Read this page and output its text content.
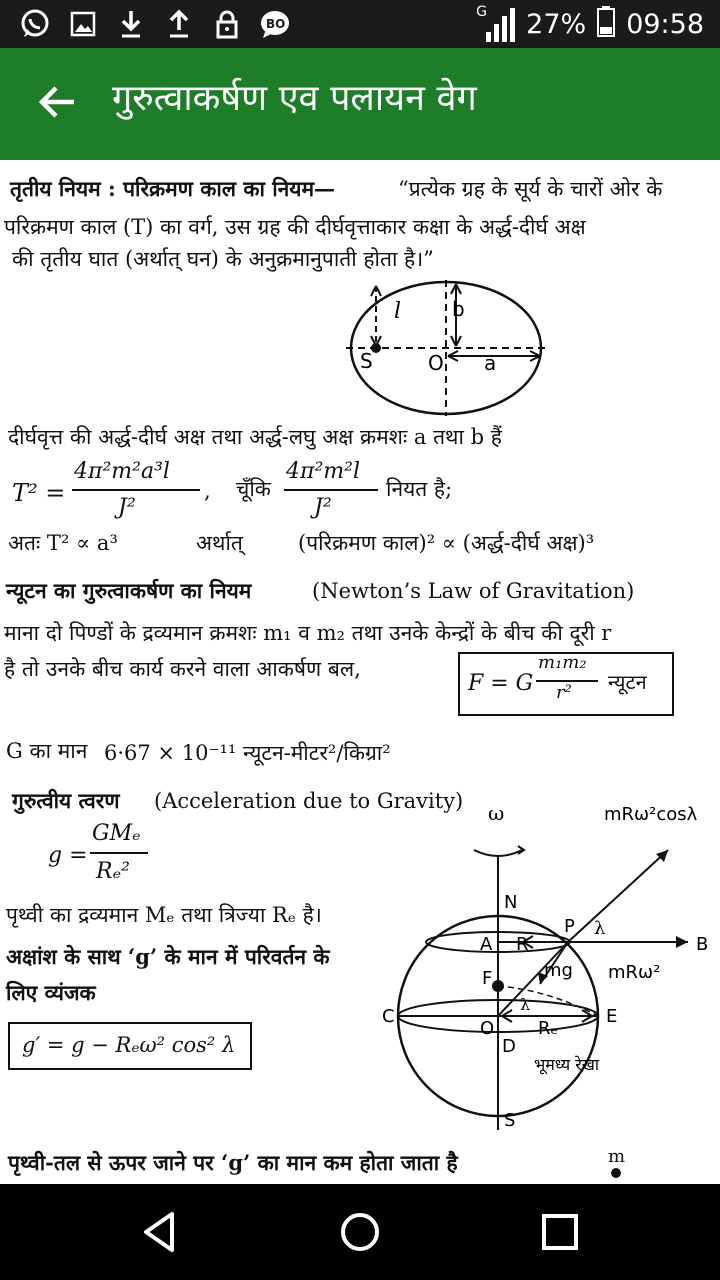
BO
G 27% 09:58
गुरुत्वाकर्षण एव पलायन वेग
तृतीय नियम : परिक्रमण काल का नियम—	“प्रत्येक ग्रह के सूर्य के चारों ओर के
परिक्रमण काल (T) का वर्ग, उस ग्रह की दीर्घवृत्ताकार कक्षा के अर्द्ध-दीर्घ अक्ष
की तृतीय घात (अर्थात् घन) के अनुक्रमानुपाती होता है।”
l	b
S	O a
दीर्घवृत्त की अर्द्ध-दीर्घ अक्ष तथा अर्द्ध-लघु अक्ष क्रमशः a तथा b हैं
T² =
4π²m²a³l
J²
, चूँकि
4π²m²l
J²
नियत है;
अतः T² ∝ a³	अर्थात्	(परिक्रमण काल)² ∝ (अर्द्ध-दीर्घ अक्ष)³
न्यूटन का गुरुत्वाकर्षण का नियम	(Newton’s Law of Gravitation)
माना दो पिण्डों के द्रव्यमान क्रमशः m₁ व m₂ तथा उनके केन्द्रों के बीच की दूरी r
है तो उनके बीच कार्य करने वाला आकर्षण बल,
F = G
m₁m₂
r² न्यूटन
G का मान 6·67 × 10⁻¹¹ न्यूटन-मीटर²/किग्रा²
गुरुत्वीय त्वरण (Acceleration due to Gravity)
g =
GMₑ
Rₑ²
पृथ्वी का द्रव्यमान Mₑ तथा त्रिज्या Rₑ है।
अक्षांश के साथ ‘g’ के मान में परिवर्तन के
लिए व्यंजक
g′ = g − Rₑω² cos² λ
ω	mRω²cosλ
N
P λ
A R	B
mRω²
mg
F
λ
C
O Rₑ
E
D
भूमध्य रेखा
S
पृथ्वी-तल से ऊपर जाने पर ‘g’ का मान कम होता जाता है	m
